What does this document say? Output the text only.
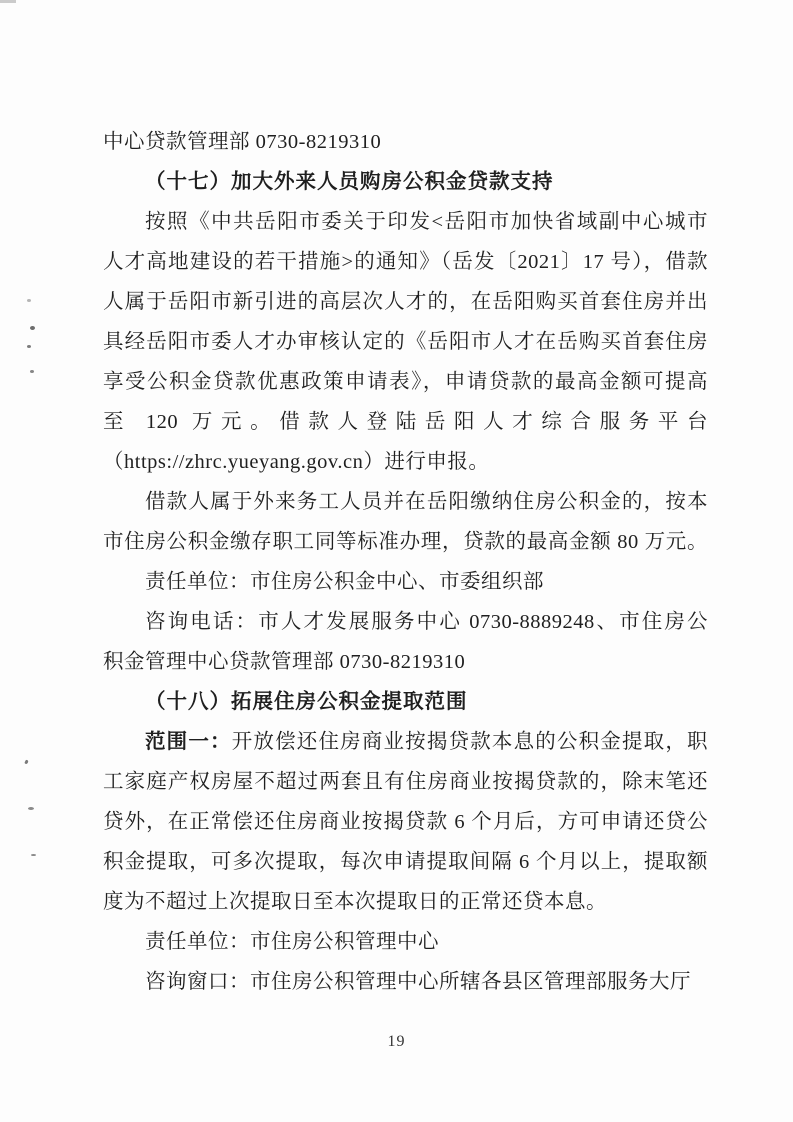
中心贷款管理部 0730-8219310
（十七）加大外来人员购房公积金贷款支持
按照《中共岳阳市委关于印发<岳阳市加快省域副中心城市
人才高地建设的若干措施>的通知》（岳发〔2021〕17 号），借款
人属于岳阳市新引进的高层次人才的，在岳阳购买首套住房并出
具经岳阳市委人才办审核认定的《岳阳市人才在岳购买首套住房
享受公积金贷款优惠政策申请表》，申请贷款的最高金额可提高
至 120 万元。借款人登陆岳阳人才综合服务平台
（https://zhrc.yueyang.gov.cn）进行申报。
借款人属于外来务工人员并在岳阳缴纳住房公积金的，按本
市住房公积金缴存职工同等标准办理，贷款的最高金额 80 万元。
责任单位：市住房公积金中心、市委组织部
咨询电话：市人才发展服务中心 0730-8889248、市住房公
积金管理中心贷款管理部 0730-8219310
（十八）拓展住房公积金提取范围
范围一：开放偿还住房商业按揭贷款本息的公积金提取，职
工家庭产权房屋不超过两套且有住房商业按揭贷款的，除末笔还
贷外，在正常偿还住房商业按揭贷款 6 个月后，方可申请还贷公
积金提取，可多次提取，每次申请提取间隔 6 个月以上，提取额
度为不超过上次提取日至本次提取日的正常还贷本息。
责任单位：市住房公积管理中心
咨询窗口：市住房公积管理中心所辖各县区管理部服务大厅
19
